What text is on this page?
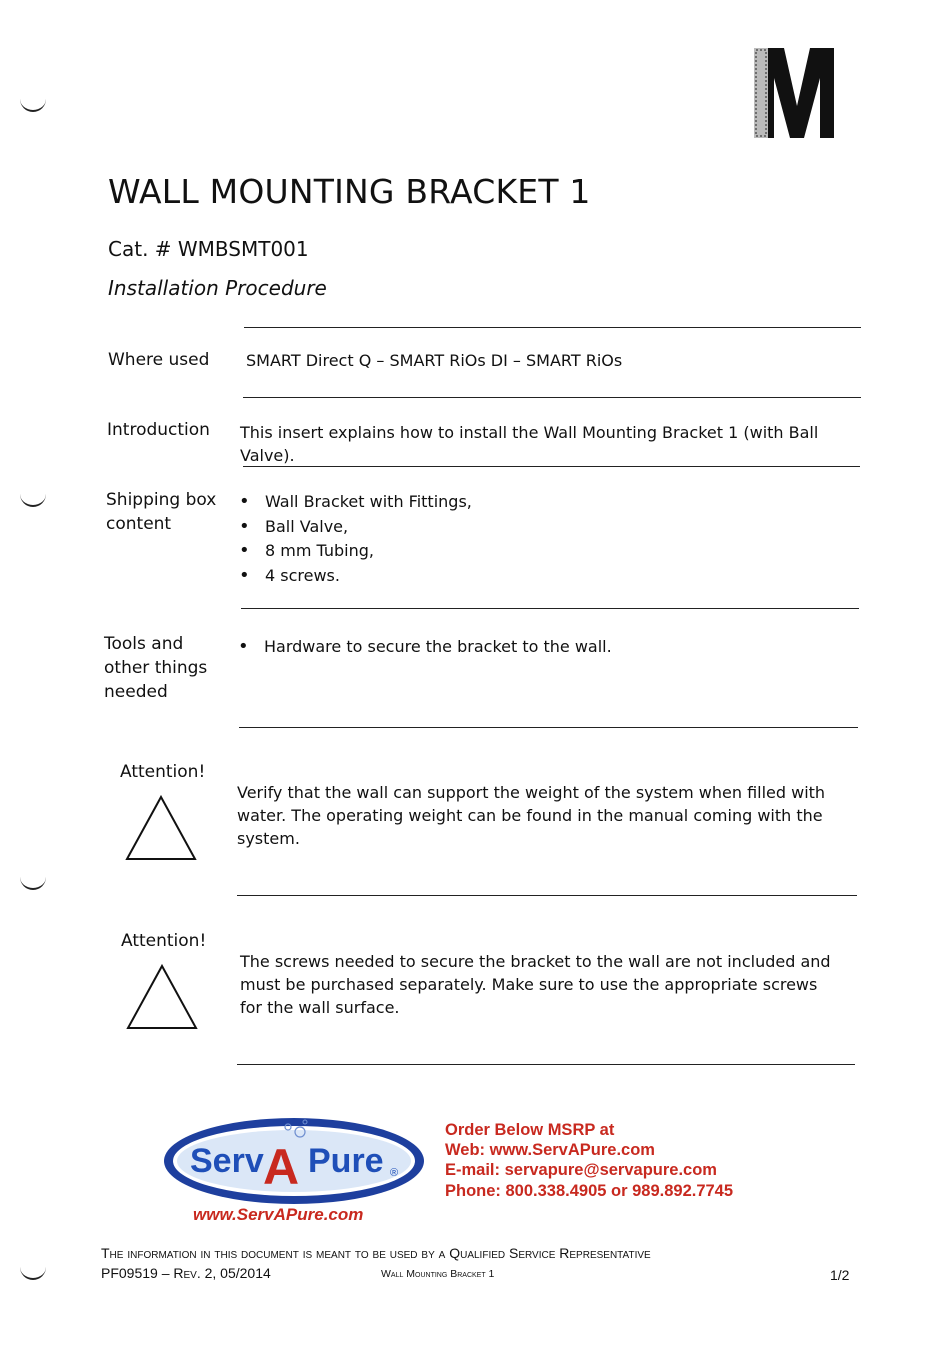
WALL MOUNTING BRACKET 1
Cat. # WMBSMT001
Installation Procedure
Where used SMART Direct Q – SMART RiOs DI – SMART RiOs
Introduction This insert explains how to install the Wall Mounting Bracket 1 (with Ball Valve).
Shipping box
content
• Wall Bracket with Fittings,
• Ball Valve,
• 8 mm Tubing,
• 4 screws.
Tools and
other things
needed
• Hardware to secure the bracket to the wall.
Attention!
Verify that the wall can support the weight of the system when filled with water. The operating weight can be found in the manual coming with the system.
Attention!
The screws needed to secure the bracket to the wall are not included and must be purchased separately. Make sure to use the appropriate screws for the wall surface.
Serv A Pure ®
www.ServAPure.com
Order Below MSRP at
Web: www.ServAPure.com
E-mail: servapure@servapure.com
Phone: 800.338.4905 or 989.892.7745
The information in this document is meant to be used by a Qualified Service Representative
PF09519 – Rev. 2, 05/2014	Wall Mounting Bracket 1	1/2
